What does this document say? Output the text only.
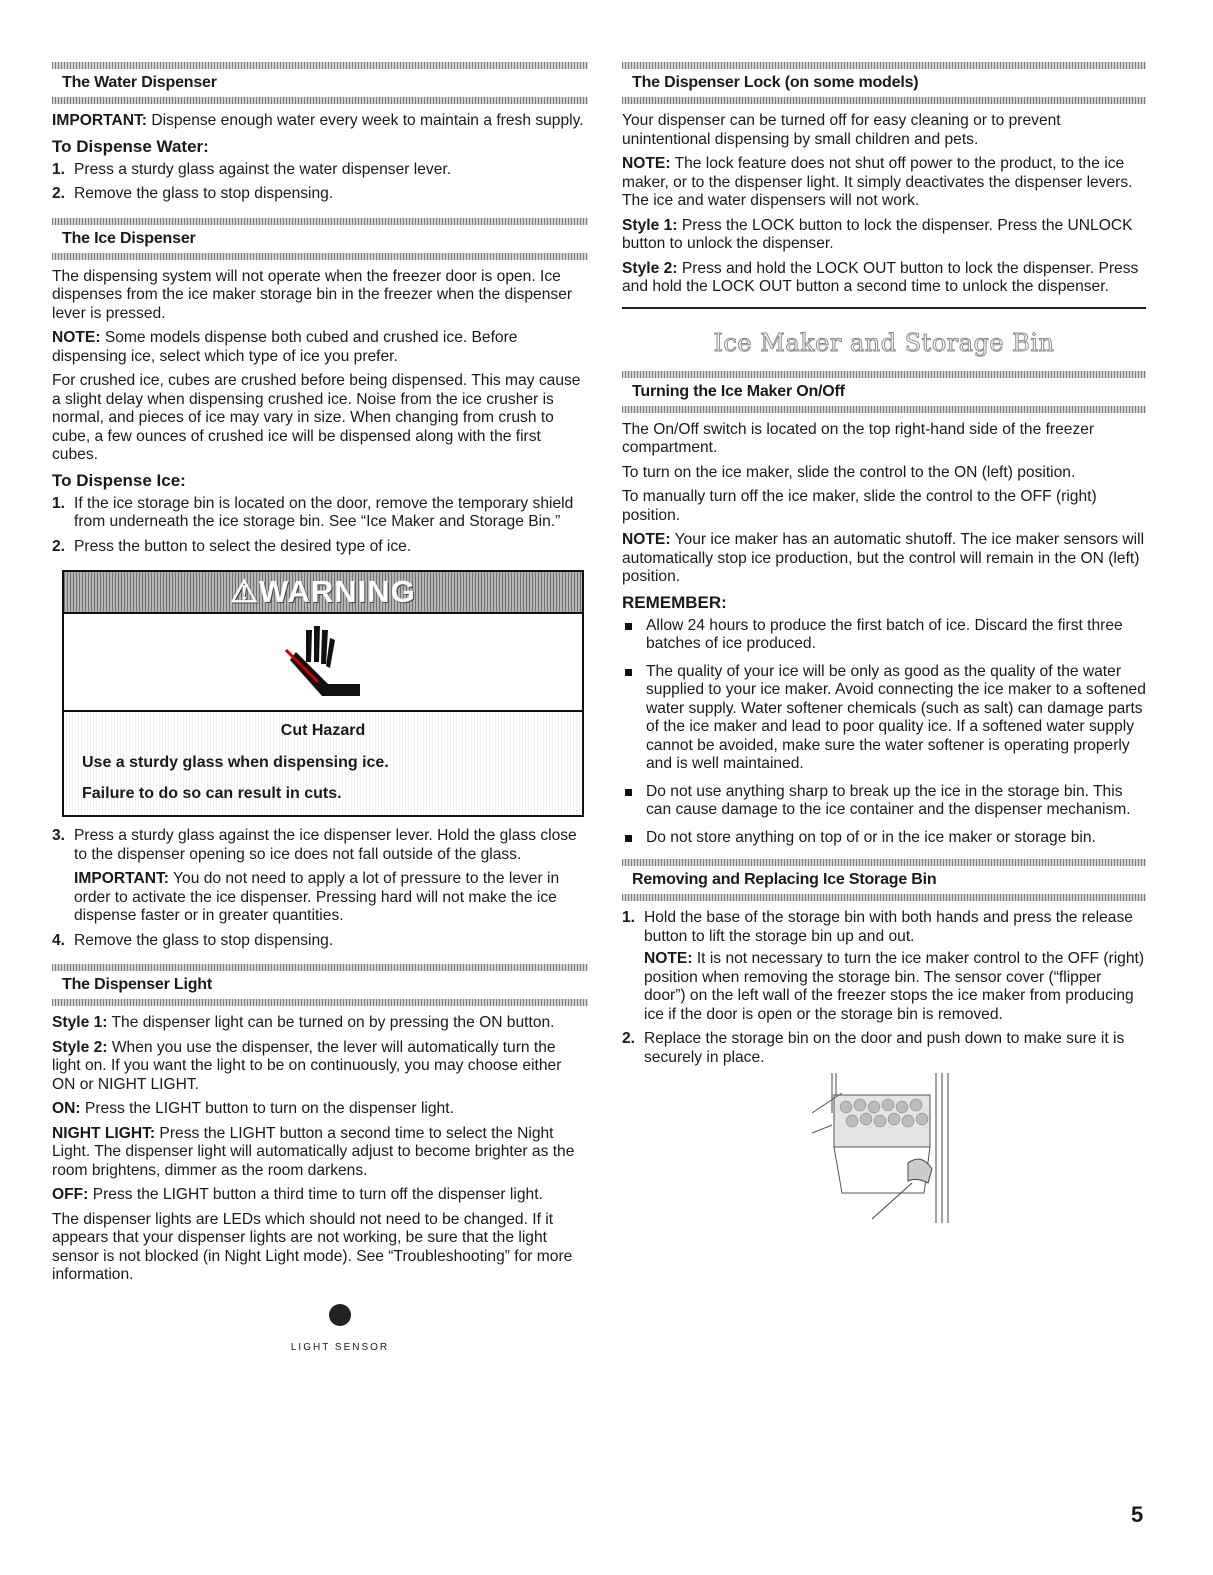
The Water Dispenser

IMPORTANT: Dispense enough water every week to maintain a fresh supply.

To Dispense Water:
1. Press a sturdy glass against the water dispenser lever.
2. Remove the glass to stop dispensing.
The Ice Dispenser

The dispensing system will not operate when the freezer door is open. Ice dispenses from the ice maker storage bin in the freezer when the dispenser lever is pressed.

NOTE: Some models dispense both cubed and crushed ice. Before dispensing ice, select which type of ice you prefer.

For crushed ice, cubes are crushed before being dispensed. This may cause a slight delay when dispensing crushed ice. Noise from the ice crusher is normal, and pieces of ice may vary in size. When changing from crush to cube, a few ounces of crushed ice will be dispensed along with the first cubes.

To Dispense Ice:
1. If the ice storage bin is located on the door, remove the temporary shield from underneath the ice storage bin. See “Ice Maker and Storage Bin.”
2. Press the button to select the desired type of ice.
⚠WARNING
Cut Hazard
Use a sturdy glass when dispensing ice.
Failure to do so can result in cuts.
3. Press a sturdy glass against the ice dispenser lever. Hold the glass close to the dispenser opening so ice does not fall outside of the glass.

IMPORTANT: You do not need to apply a lot of pressure to the lever in order to activate the ice dispenser. Pressing hard will not make the ice dispense faster or in greater quantities.
4. Remove the glass to stop dispensing.
The Dispenser Light

Style 1: The dispenser light can be turned on by pressing the ON button.

Style 2: When you use the dispenser, the lever will automatically turn the light on. If you want the light to be on continuously, you may choose either ON or NIGHT LIGHT.

ON: Press the LIGHT button to turn on the dispenser light.

NIGHT LIGHT: Press the LIGHT button a second time to select the Night Light. The dispenser light will automatically adjust to become brighter as the room brightens, dimmer as the room darkens.

OFF: Press the LIGHT button a third time to turn off the dispenser light.

The dispenser lights are LEDs which should not need to be changed. If it appears that your dispenser lights are not working, be sure that the light sensor is not blocked (in Night Light mode). See “Troubleshooting” for more information.

LIGHT SENSOR
The Dispenser Lock (on some models)

Your dispenser can be turned off for easy cleaning or to prevent unintentional dispensing by small children and pets.

NOTE: The lock feature does not shut off power to the product, to the ice maker, or to the dispenser light. It simply deactivates the dispenser levers. The ice and water dispensers will not work.

Style 1: Press the LOCK button to lock the dispenser. Press the UNLOCK button to unlock the dispenser.

Style 2: Press and hold the LOCK OUT button to lock the dispenser. Press and hold the LOCK OUT button a second time to unlock the dispenser.

Ice Maker and Storage Bin
Turning the Ice Maker On/Off

The On/Off switch is located on the top right-hand side of the freezer compartment.

To turn on the ice maker, slide the control to the ON (left) position.

To manually turn off the ice maker, slide the control to the OFF (right) position.

NOTE: Your ice maker has an automatic shutoff. The ice maker sensors will automatically stop ice production, but the control will remain in the ON (left) position.

REMEMBER:
Allow 24 hours to produce the first batch of ice. Discard the first three batches of ice produced.
The quality of your ice will be only as good as the quality of the water supplied to your ice maker. Avoid connecting the ice maker to a softened water supply. Water softener chemicals (such as salt) can damage parts of the ice maker and lead to poor quality ice. If a softened water supply cannot be avoided, make sure the water softener is operating properly and is well maintained.
Do not use anything sharp to break up the ice in the storage bin. This can cause damage to the ice container and the dispenser mechanism.
Do not store anything on top of or in the ice maker or storage bin.
Removing and Replacing Ice Storage Bin
1. Hold the base of the storage bin with both hands and press the release button to lift the storage bin up and out.

NOTE: It is not necessary to turn the ice maker control to the OFF (right) position when removing the storage bin. The sensor cover (“flipper door”) on the left wall of the freezer stops the ice maker from producing ice if the door is open or the storage bin is removed.
2. Replace the storage bin on the door and push down to make sure it is securely in place.
5
